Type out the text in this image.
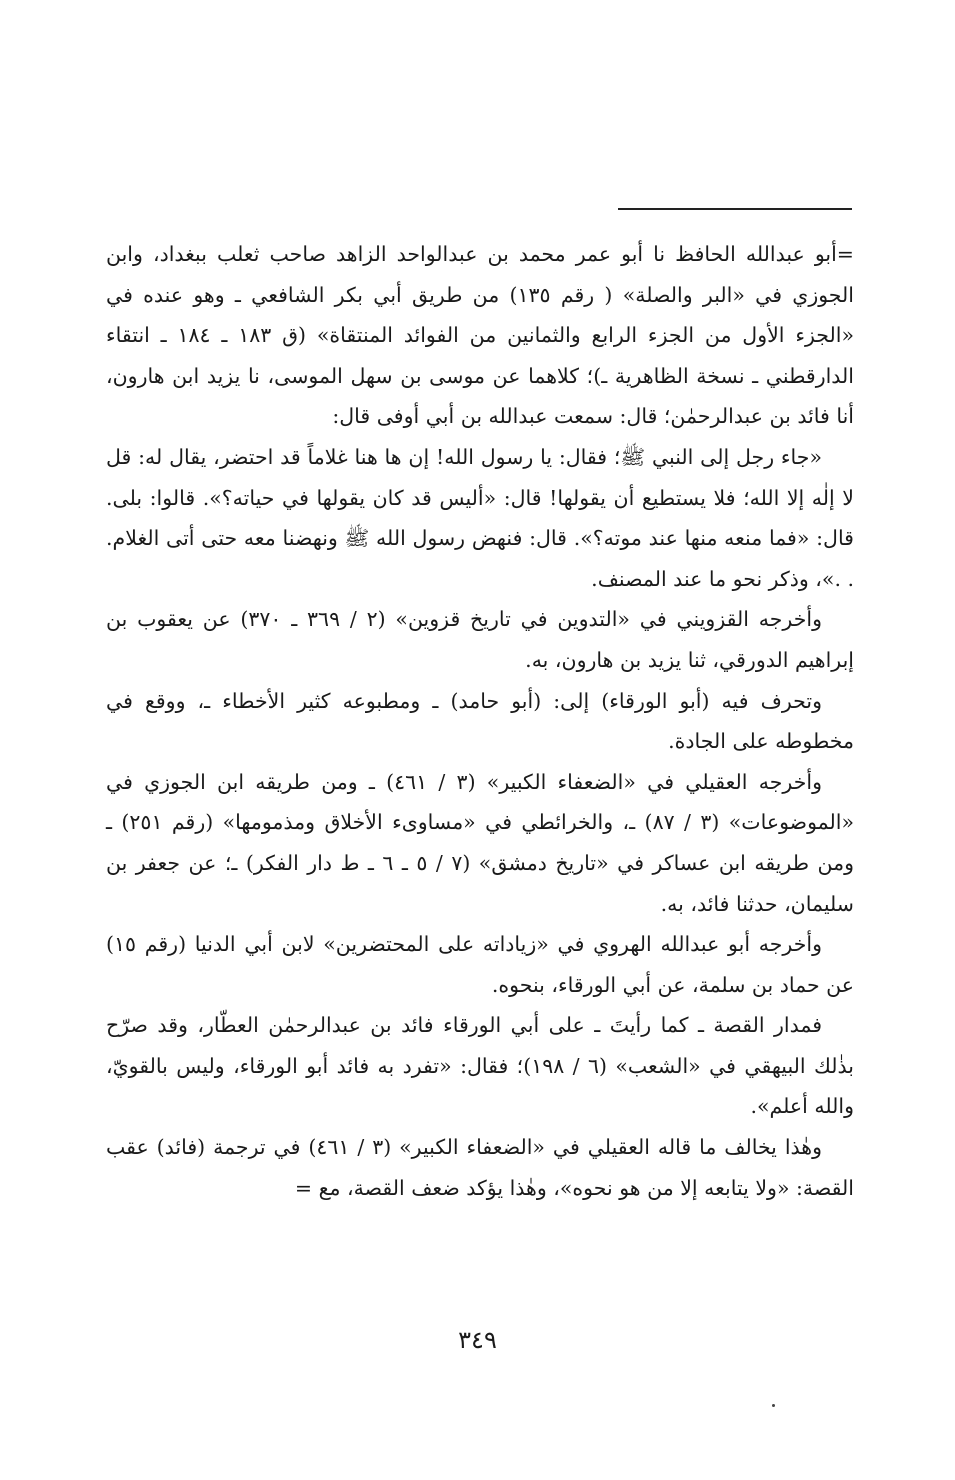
=أبو عبدالله الحافظ نا أبو عمر محمد بن عبدالواحد الزاهد صاحب ثعلب ببغداد، وابن الجوزي في «البر والصلة» ( رقم ١٣٥) من طريق أبي بكر الشافعي ـ وهو عنده في «الجزء الأول من الجزء الرابع والثمانين من الفوائد المنتقاة» (ق ١٨٣ ـ ١٨٤ ـ انتقاء الدارقطني ـ نسخة الظاهرية ـ)؛ كلاهما عن موسى بن سهل الموسى، نا يزيد ابن هارون، أنا فائد بن عبدالرحمٰن؛ قال: سمعت عبدالله بن أبي أوفى قال:

«جاء رجل إلى النبي ﷺ؛ فقال: يا رسول الله! إن ها هنا غلاماً قد احتضر، يقال له: قل لا إلٰه إلا الله؛ فلا يستطيع أن يقولها! قال: «أليس قد كان يقولها في حياته؟». قالوا: بلى. قال: «فما منعه منها عند موته؟». قال: فنهض رسول الله ﷺ ونهضنا معه حتى أتى الغلام. . .»، وذكر نحو ما عند المصنف.

وأخرجه القزويني في «التدوين في تاريخ قزوين» (٢ / ٣٦٩ ـ ٣٧٠) عن يعقوب بن إبراهيم الدورقي، ثنا يزيد بن هارون، به.

وتحرف فيه (أبو الورقاء) إلى: (أبو حامد) ـ ومطبوعه كثير الأخطاء ـ، ووقع في مخطوطه على الجادة.

وأخرجه العقيلي في «الضعفاء الكبير» (٣ / ٤٦١) ـ ومن طريقه ابن الجوزي في «الموضوعات» (٣ / ٨٧) ـ، والخرائطي في «مساوىء الأخلاق ومذمومها» (رقم ٢٥١) ـ ومن طريقه ابن عساكر في «تاريخ دمشق» (٧ / ٥ ـ ٦ ـ ط دار الفكر) ـ؛ عن جعفر بن سليمان، حدثنا فائد، به.

وأخرجه أبو عبدالله الهروي في «زياداته على المحتضرين» لابن أبي الدنيا (رقم ١٥) عن حماد بن سلمة، عن أبي الورقاء، بنحوه.

فمدار القصة ـ كما رأيتَ ـ على أبي الورقاء فائد بن عبدالرحمٰن العطّار، وقد صرّح بذٰلك البيهقي في «الشعب» (٦ / ١٩٨)؛ فقال: «تفرد به فائد أبو الورقاء، وليس بالقويّ، والله أعلم».

وهٰذا يخالف ما قاله العقيلي في «الضعفاء الكبير» (٣ / ٤٦١) في ترجمة (فائد) عقب القصة: «ولا يتابعه إلا من هو نحوه»، وهٰذا يؤكد ضعف القصة، مع =

٣٤٩
